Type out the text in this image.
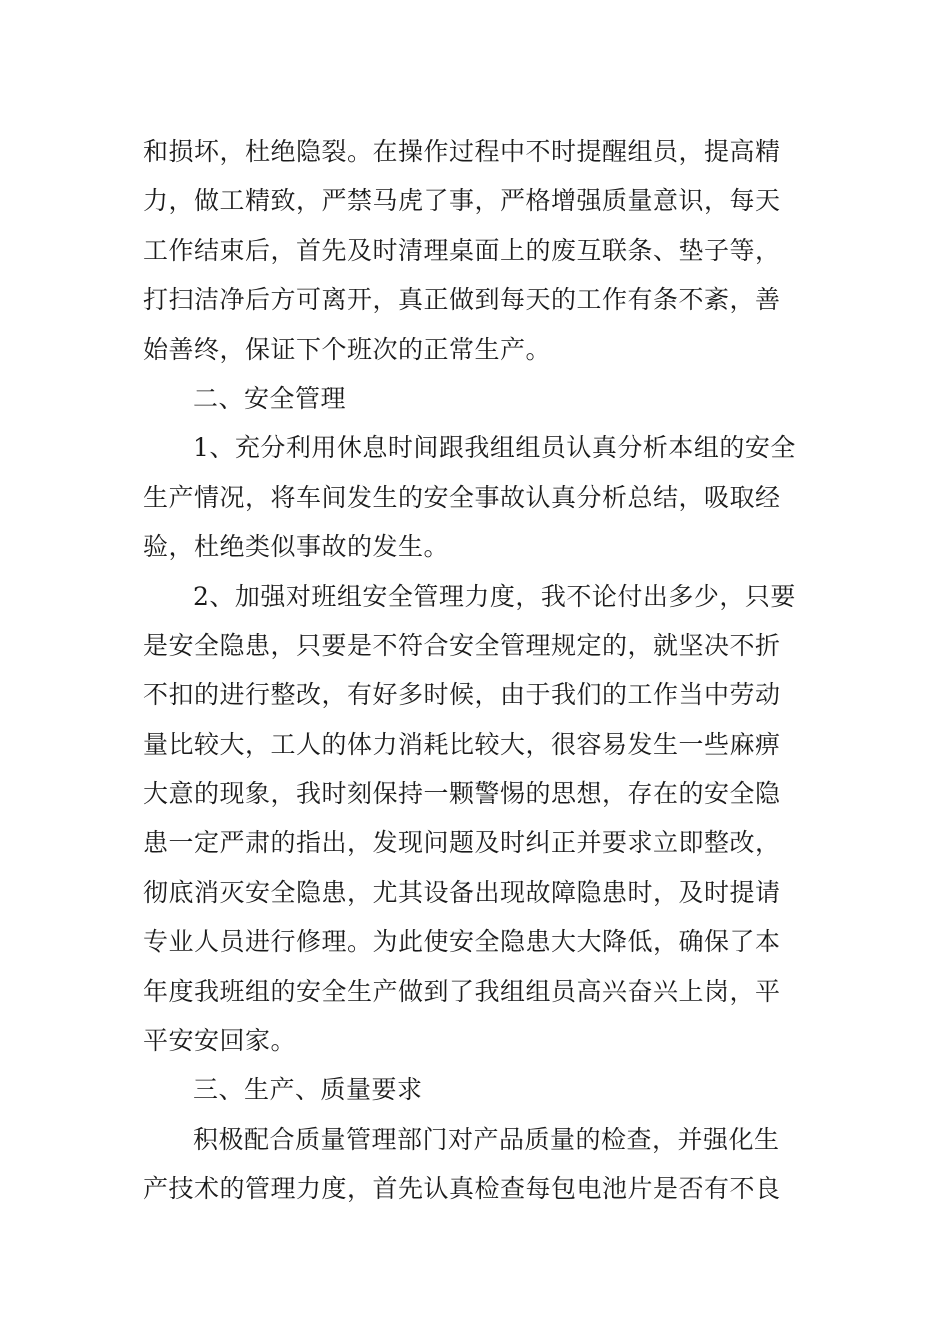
和损坏，杜绝隐裂。在操作过程中不时提醒组员，提高精
力，做工精致，严禁马虎了事，严格增强质量意识，每天
工作结束后，首先及时清理桌面上的废互联条、垫子等，
打扫洁净后方可离开，真正做到每天的工作有条不紊，善
始善终，保证下个班次的正常生产。
二、安全管理
1、充分利用休息时间跟我组组员认真分析本组的安全
生产情况，将车间发生的安全事故认真分析总结，吸取经
验，杜绝类似事故的发生。
2、加强对班组安全管理力度，我不论付出多少，只要
是安全隐患，只要是不符合安全管理规定的，就坚决不折
不扣的进行整改，有好多时候，由于我们的工作当中劳动
量比较大，工人的体力消耗比较大，很容易发生一些麻痹
大意的现象，我时刻保持一颗警惕的思想，存在的安全隐
患一定严肃的指出，发现问题及时纠正并要求立即整改，
彻底消灭安全隐患，尤其设备出现故障隐患时，及时提请
专业人员进行修理。为此使安全隐患大大降低，确保了本
年度我班组的安全生产做到了我组组员高兴奋兴上岗，平
平安安回家。
三、生产、质量要求
积极配合质量管理部门对产品质量的检查，并强化生
产技术的管理力度，首先认真检查每包电池片是否有不良
